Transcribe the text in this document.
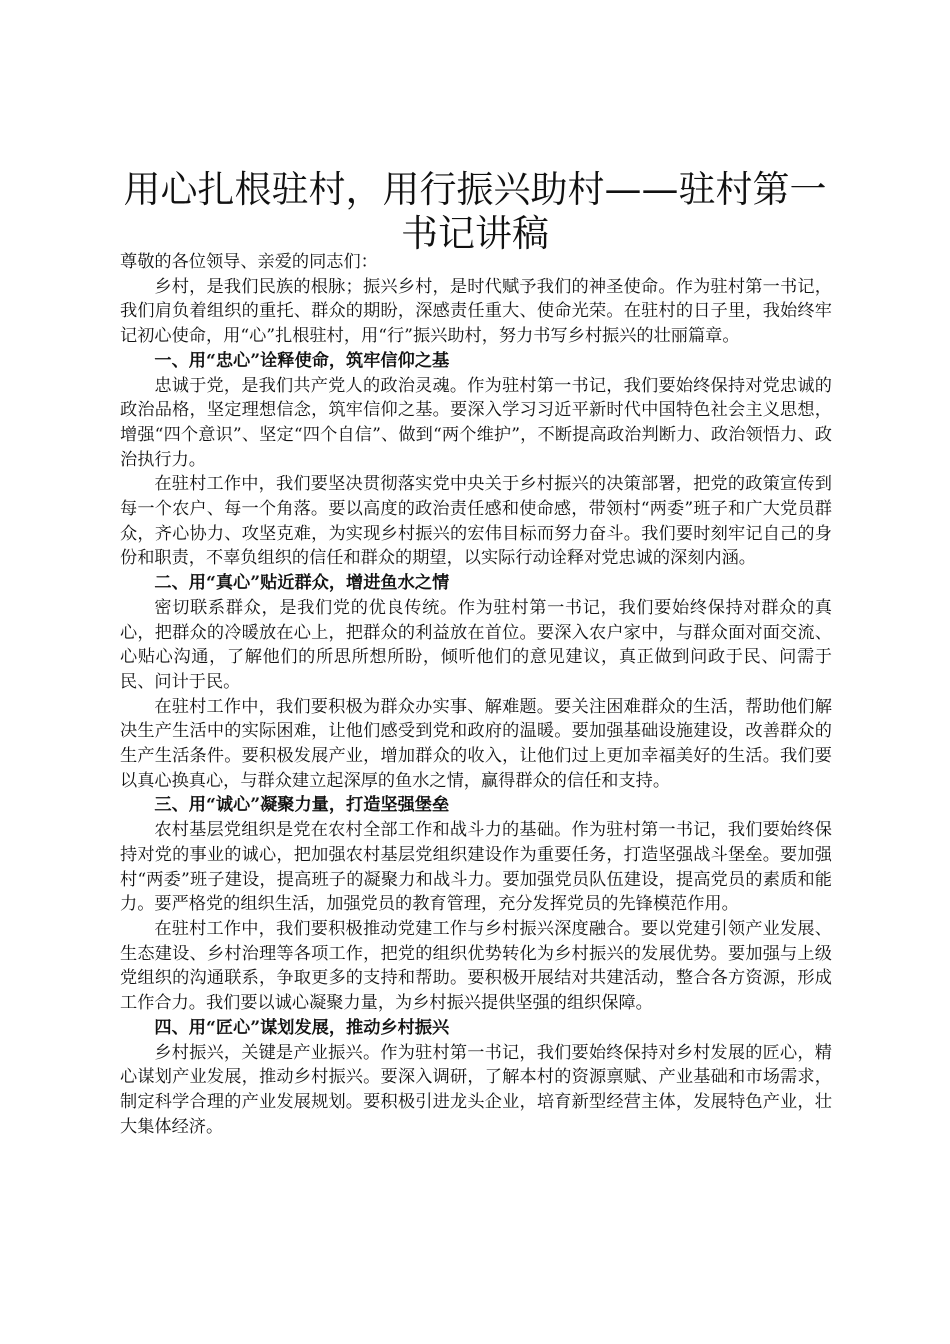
用心扎根驻村，用行振兴助村——驻村第一书记讲稿

尊敬的各位领导、亲爱的同志们：

乡村，是我们民族的根脉；振兴乡村，是时代赋予我们的神圣使命。作为驻村第一书记，我们肩负着组织的重托、群众的期盼，深感责任重大、使命光荣。在驻村的日子里，我始终牢记初心使命，用“心”扎根驻村，用“行”振兴助村，努力书写乡村振兴的壮丽篇章。

一、用“忠心”诠释使命，筑牢信仰之基

忠诚于党，是我们共产党人的政治灵魂。作为驻村第一书记，我们要始终保持对党忠诚的政治品格，坚定理想信念，筑牢信仰之基。要深入学习习近平新时代中国特色社会主义思想，增强“四个意识”、坚定“四个自信”、做到“两个维护”，不断提高政治判断力、政治领悟力、政治执行力。

在驻村工作中，我们要坚决贯彻落实党中央关于乡村振兴的决策部署，把党的政策宣传到每一个农户、每一个角落。要以高度的政治责任感和使命感，带领村“两委”班子和广大党员群众，齐心协力、攻坚克难，为实现乡村振兴的宏伟目标而努力奋斗。我们要时刻牢记自己的身份和职责，不辜负组织的信任和群众的期望，以实际行动诠释对党忠诚的深刻内涵。

二、用“真心”贴近群众，增进鱼水之情

密切联系群众，是我们党的优良传统。作为驻村第一书记，我们要始终保持对群众的真心，把群众的冷暖放在心上，把群众的利益放在首位。要深入农户家中，与群众面对面交流、心贴心沟通，了解他们的所思所想所盼，倾听他们的意见建议，真正做到问政于民、问需于民、问计于民。

在驻村工作中，我们要积极为群众办实事、解难题。要关注困难群众的生活，帮助他们解决生产生活中的实际困难，让他们感受到党和政府的温暖。要加强基础设施建设，改善群众的生产生活条件。要积极发展产业，增加群众的收入，让他们过上更加幸福美好的生活。我们要以真心换真心，与群众建立起深厚的鱼水之情，赢得群众的信任和支持。

三、用“诚心”凝聚力量，打造坚强堡垒

农村基层党组织是党在农村全部工作和战斗力的基础。作为驻村第一书记，我们要始终保持对党的事业的诚心，把加强农村基层党组织建设作为重要任务，打造坚强战斗堡垒。要加强村“两委”班子建设，提高班子的凝聚力和战斗力。要加强党员队伍建设，提高党员的素质和能力。要严格党的组织生活，加强党员的教育管理，充分发挥党员的先锋模范作用。

在驻村工作中，我们要积极推动党建工作与乡村振兴深度融合。要以党建引领产业发展、生态建设、乡村治理等各项工作，把党的组织优势转化为乡村振兴的发展优势。要加强与上级党组织的沟通联系，争取更多的支持和帮助。要积极开展结对共建活动，整合各方资源，形成工作合力。我们要以诚心凝聚力量，为乡村振兴提供坚强的组织保障。

四、用“匠心”谋划发展，推动乡村振兴

乡村振兴，关键是产业振兴。作为驻村第一书记，我们要始终保持对乡村发展的匠心，精心谋划产业发展，推动乡村振兴。要深入调研，了解本村的资源禀赋、产业基础和市场需求，制定科学合理的产业发展规划。要积极引进龙头企业，培育新型经营主体，发展特色产业，壮大集体经济。
